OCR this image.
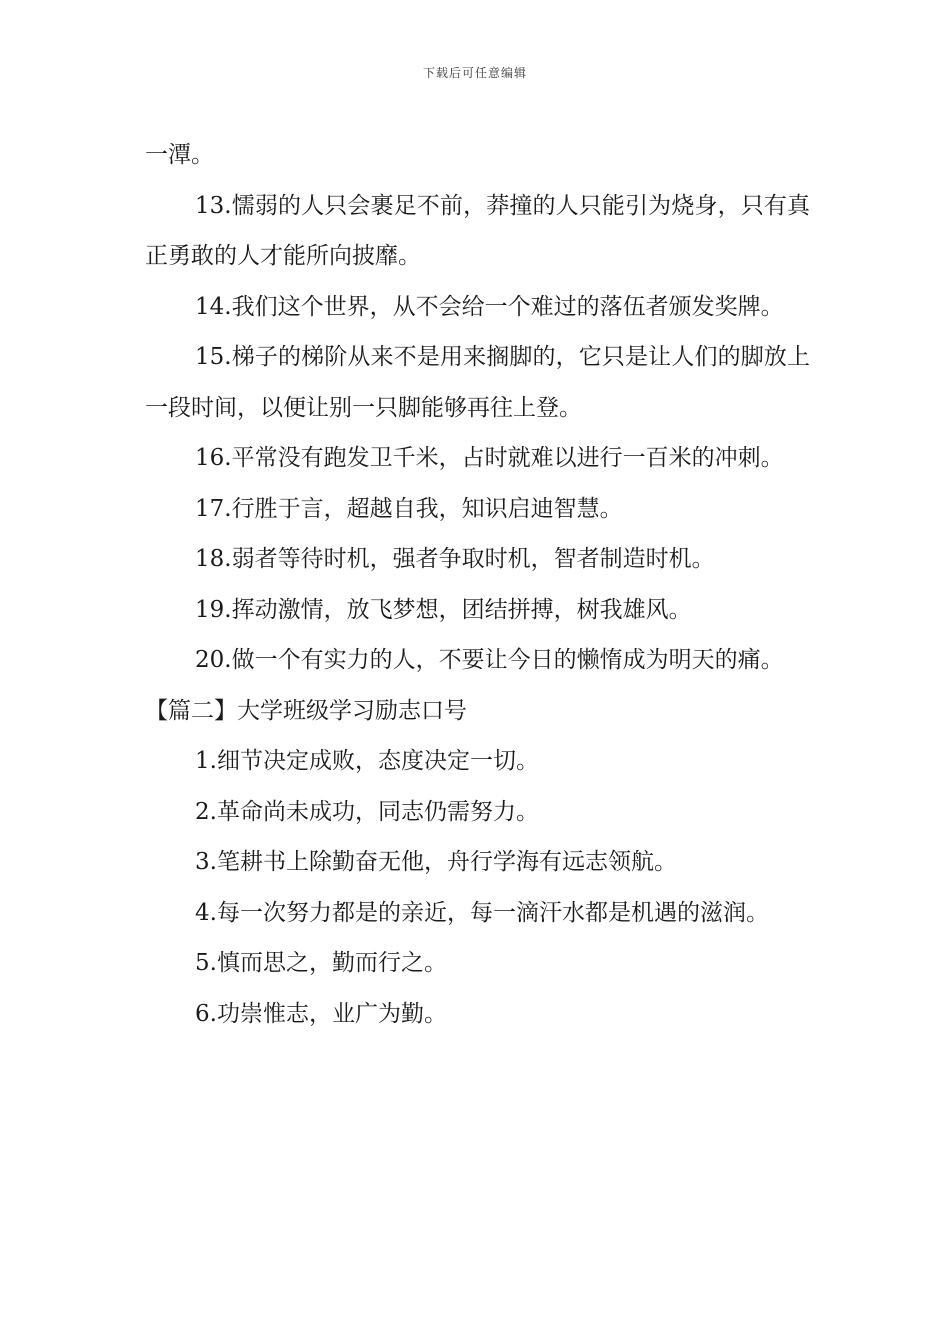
下载后可任意编辑

一潭。

13.懦弱的人只会裹足不前，莽撞的人只能引为烧身，只有真正勇敢的人才能所向披靡。

14.我们这个世界，从不会给一个难过的落伍者颁发奖牌。

15.梯子的梯阶从来不是用来搁脚的，它只是让人们的脚放上一段时间，以便让别一只脚能够再往上登。

16.平常没有跑发卫千米，占时就难以进行一百米的冲刺。

17.行胜于言，超越自我，知识启迪智慧。

18.弱者等待时机，强者争取时机，智者制造时机。

19.挥动激情，放飞梦想，团结拼搏，树我雄风。

20.做一个有实力的人，不要让今日的懒惰成为明天的痛。

【篇二】大学班级学习励志口号

1.细节决定成败，态度决定一切。

2.革命尚未成功，同志仍需努力。

3.笔耕书上除勤奋无他，舟行学海有远志领航。

4.每一次努力都是的亲近，每一滴汗水都是机遇的滋润。

5.慎而思之，勤而行之。

6.功崇惟志，业广为勤。
